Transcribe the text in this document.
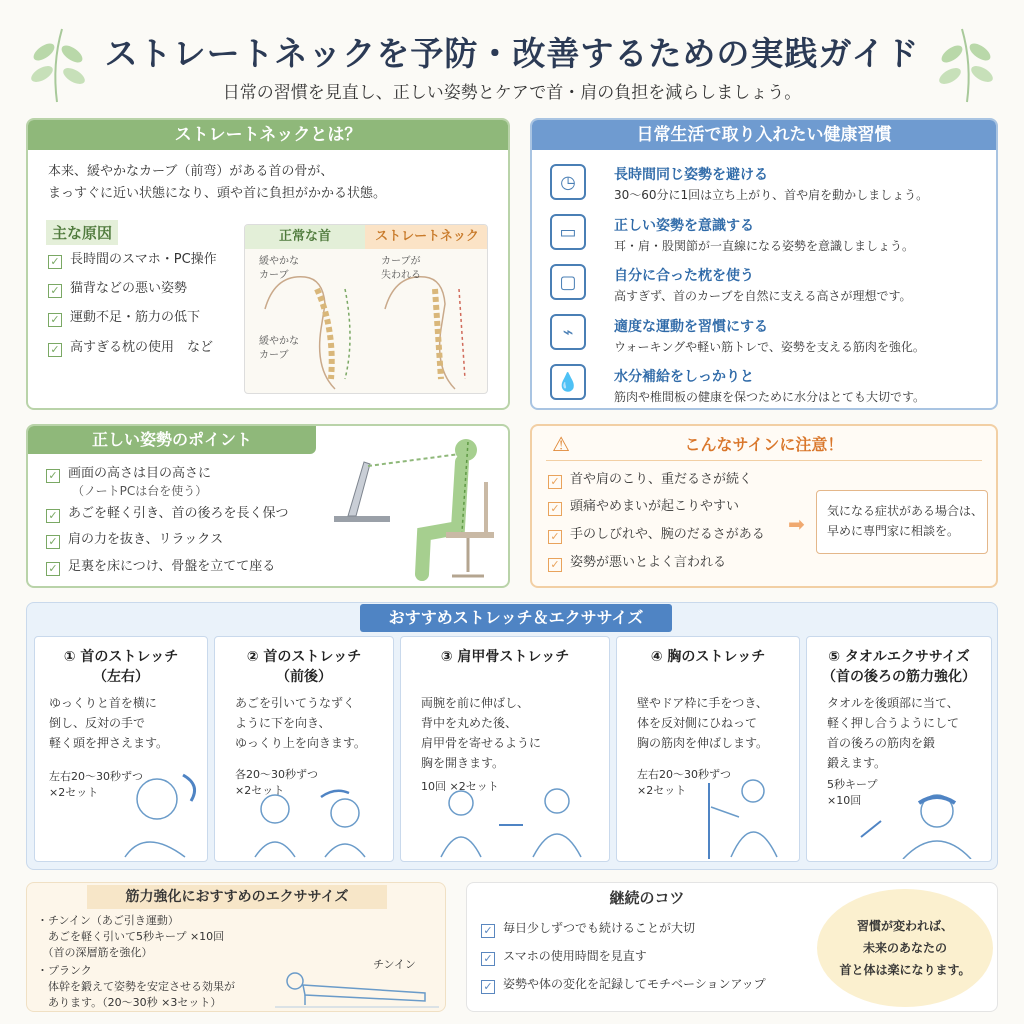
ストレートネックを予防・改善するための実践ガイド
日常の習慣を見直し、正しい姿勢とケアで首・肩の負担を減らしましょう。
ストレートネックとは？
本来、緩やかなカーブ（前弯）がある首の骨が、
まっすぐに近い状態になり、頭や首に負担がかかる状態。
主な原因
✓ 長時間のスマホ・PC操作
✓ 猫背などの悪い姿勢
✓ 運動不足・筋力の低下
✓ 高すぎる枕の使用　など
正常な首	ストレートネック
緩やかな
カーブ
カーブが
失われる
緩やかな
カーブ
日常生活で取り入れたい健康習慣
◷	長時間同じ姿勢を避ける
30〜60分に1回は立ち上がり、首や肩を動かしましょう。
▭	正しい姿勢を意識する
耳・肩・股関節が一直線になる姿勢を意識しましょう。
▢	自分に合った枕を使う
高すぎず、首のカーブを自然に支える高さが理想です。
⌁	適度な運動を習慣にする
ウォーキングや軽い筋トレで、姿勢を支える筋肉を強化。
💧	水分補給をしっかりと
筋肉や椎間板の健康を保つために水分はとても大切です。
正しい姿勢のポイント
✓ 画面の高さは目の高さに
（ノートPCは台を使う）
✓ あごを軽く引き、首の後ろを長く保つ
✓ 肩の力を抜き、リラックス
✓ 足裏を床につけ、骨盤を立てて座る
⚠	こんなサインに注意！
✓ 首や肩のこり、重だるさが続く
✓ 頭痛やめまいが起こりやすい
✓ 手のしびれや、腕のだるさがある
✓ 姿勢が悪いとよく言われる
➡
気になる症状がある場合は、
早めに専門家に相談を。
おすすめストレッチ＆エクササイズ
① 首のストレッチ
（左右）
ゆっくりと首を横に
倒し、反対の手で
軽く頭を押さえます。
左右20〜30秒ずつ
×2セット
② 首のストレッチ
（前後）
あごを引いてうなずく
ように下を向き、
ゆっくり上を向きます。
各20〜30秒ずつ
×2セット
③ 肩甲骨ストレッチ
両腕を前に伸ばし、
背中を丸めた後、
肩甲骨を寄せるように
胸を開きます。
10回 ×2セット
④ 胸のストレッチ
壁やドア枠に手をつき、
体を反対側にひねって
胸の筋肉を伸ばします。
左右20〜30秒ずつ
×2セット
⑤ タオルエクササイズ
（首の後ろの筋力強化）
タオルを後頭部に当て、
軽く押し合うようにして
首の後ろの筋肉を鍛
鍛えます。
5秒キープ
×10回
筋力強化におすすめのエクササイズ
・チンイン（あご引き運動）
　あごを軽く引いて5秒キープ ×10回
　（首の深層筋を強化）
・プランク
　体幹を鍛えて姿勢を安定させる効果が
　あります。（20〜30秒 ×3セット）
チンイン
継続のコツ
✓ 毎日少しずつでも続けることが大切
✓ スマホの使用時間を見直す
✓ 姿勢や体の変化を記録してモチベーションアップ
習慣が変われば、
未来のあなたの
首と体は楽になります。
